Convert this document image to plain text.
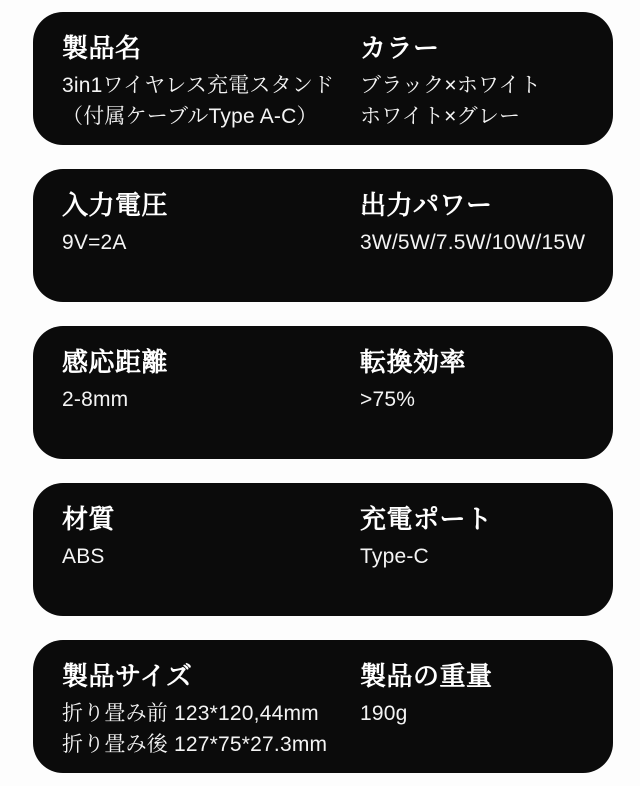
製品名
3in1ワイヤレス充電スタンド
（付属ケーブルType A-C）
カラー
ブラック×ホワイト
ホワイト×グレー
入力電圧
9V=2A
出力パワー
3W/5W/7.5W/10W/15W
感応距離
2-8mm
転換効率
>75%
材質
ABS
充電ポート
Type-C
製品サイズ
折り畳み前 123*120,44mm
折り畳み後 127*75*27.3mm
製品の重量
190g
